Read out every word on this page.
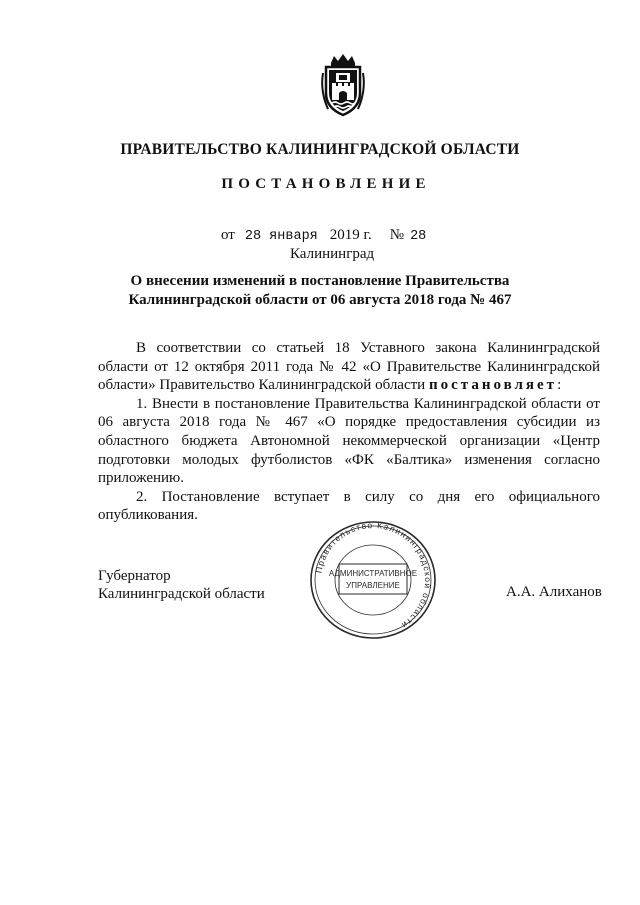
ПРАВИТЕЛЬСТВО КАЛИНИНГРАДСКОЙ ОБЛАСТИ
ПОСТАНОВЛЕНИЕ
от 28 января 2019 г. № 28
Калининград
О внесении изменений в постановление Правительства
Калининградской области от 06 августа 2018 года № 467

В соответствии со статьей 18 Уставного закона Калининградской области от 12 октября 2011 года № 42 «О Правительстве Калининградской области» Правительство Калининградской области постановляет:

1. Внести в постановление Правительства Калининградской области от 06 августа 2018 года № 467 «О порядке предоставления субсидии из областного бюджета Автономной некоммерческой организации «Центр подготовки молодых футболистов «ФК «Балтика» изменения согласно приложению.

2. Постановление вступает в силу со дня его официального опубликования.

Губернатор
Калининградской области
Правительство Калининградской области
АДМИНИСТРАТИВНОЕ
УПРАВЛЕНИЕ	А.А. Алиханов
